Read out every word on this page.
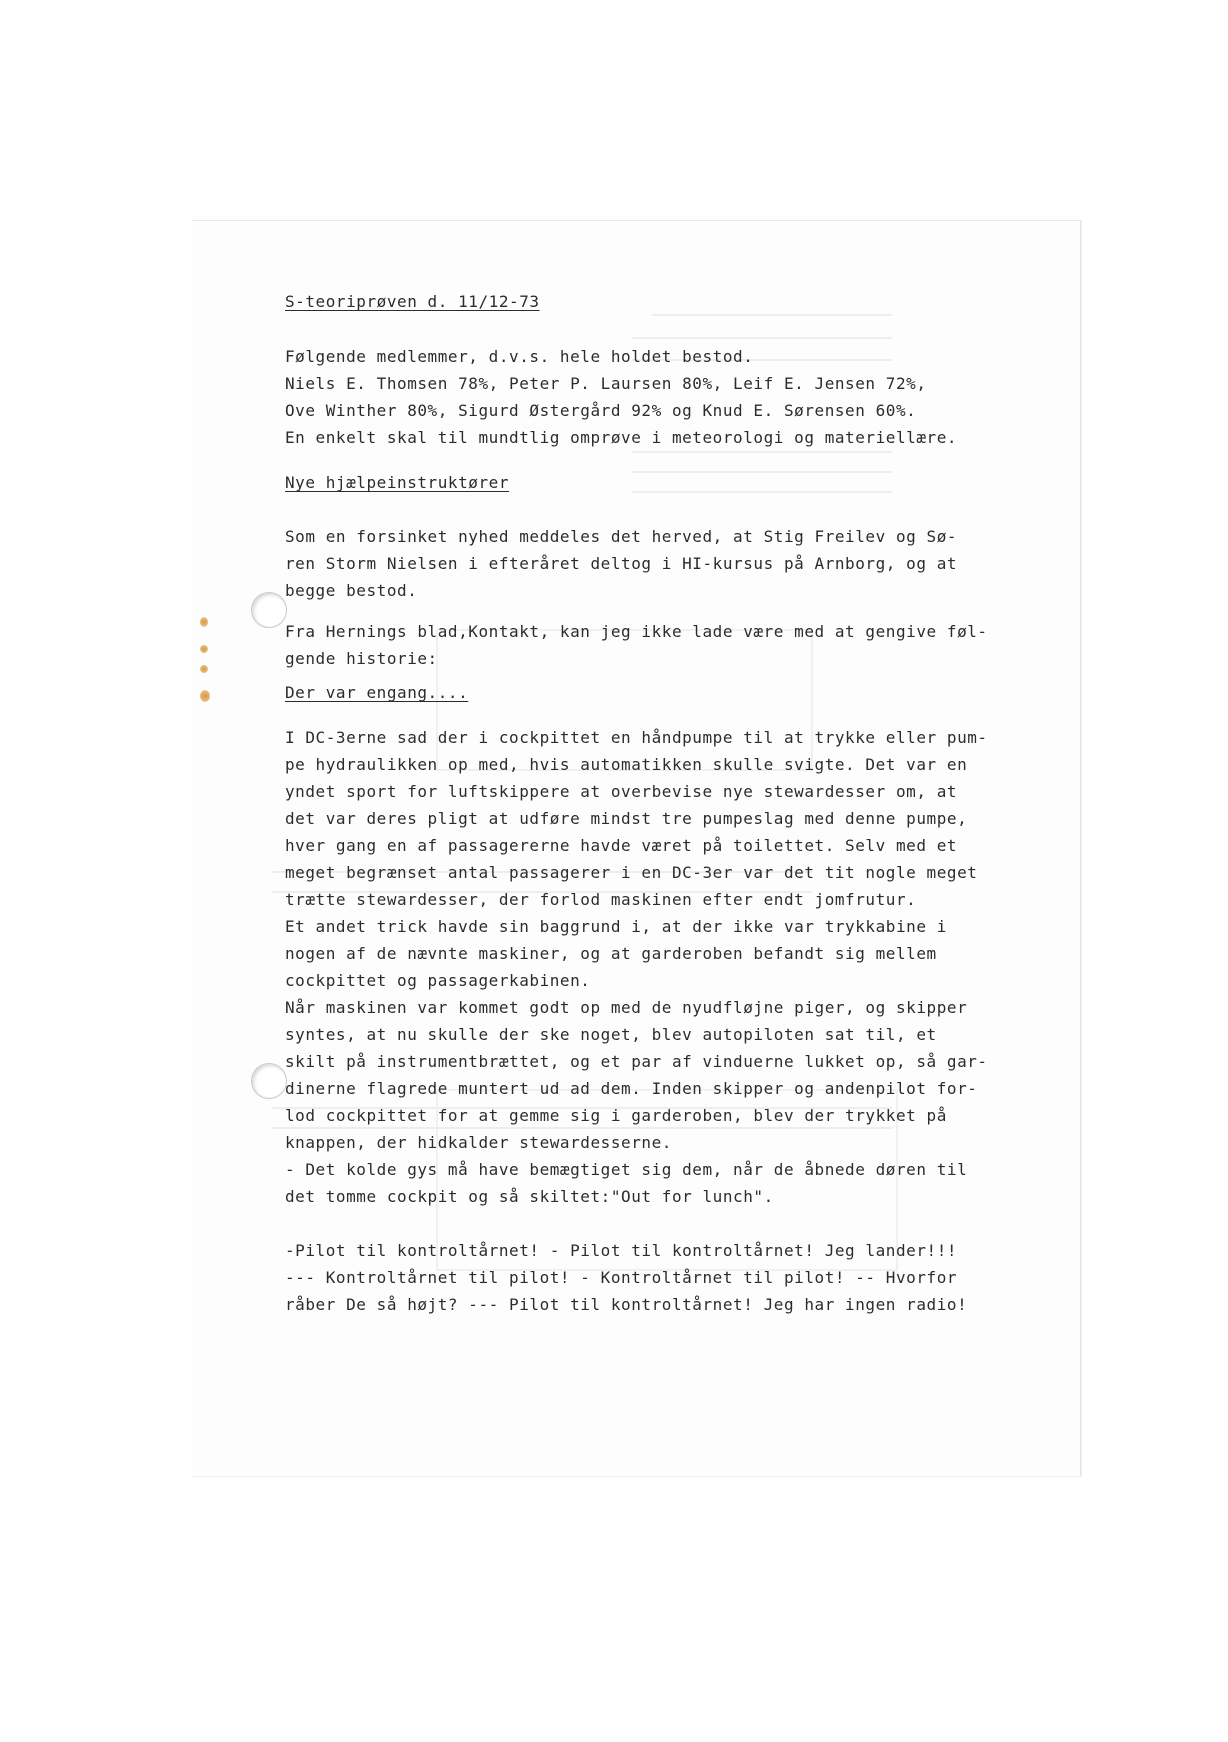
S-teoriprøven d. 11/12-73
Følgende medlemmer, d.v.s. hele holdet bestod.
Niels E. Thomsen 78%, Peter P. Laursen 80%, Leif E. Jensen 72%,
Ove Winther 80%, Sigurd Østergård 92% og Knud E. Sørensen 60%.
En enkelt skal til mundtlig omprøve i meteorologi og materiellære.
Nye hjælpeinstruktører
Som en forsinket nyhed meddeles det herved, at Stig Freilev og Sø-
ren Storm Nielsen i efteråret deltog i HI-kursus på Arnborg, og at
begge bestod.
Fra Hernings blad,Kontakt, kan jeg ikke lade være med at gengive føl-
gende historie:
Der var engang....
I DC-3erne sad der i cockpittet en håndpumpe til at trykke eller pum-
pe hydraulikken op med, hvis automatikken skulle svigte. Det var en
yndet sport for luftskippere at overbevise nye stewardesser om, at
det var deres pligt at udføre mindst tre pumpeslag med denne pumpe,
hver gang en af passagererne havde været på toilettet. Selv med et
meget begrænset antal passagerer i en DC-3er var det tit nogle meget
trætte stewardesser, der forlod maskinen efter endt jomfrutur.
Et andet trick havde sin baggrund i, at der ikke var trykkabine i
nogen af de nævnte maskiner, og at garderoben befandt sig mellem
cockpittet og passagerkabinen.
Når maskinen var kommet godt op med de nyudfløjne piger, og skipper
syntes, at nu skulle der ske noget, blev autopiloten sat til, et
skilt på instrumentbrættet, og et par af vinduerne lukket op, så gar-
dinerne flagrede muntert ud ad dem. Inden skipper og andenpilot for-
lod cockpittet for at gemme sig i garderoben, blev der trykket på
knappen, der hidkalder stewardesserne.
- Det kolde gys må have bemægtiget sig dem, når de åbnede døren til
det tomme cockpit og så skiltet:"Out for lunch".
-Pilot til kontroltårnet! - Pilot til kontroltårnet! Jeg lander!!!
--- Kontroltårnet til pilot! - Kontroltårnet til pilot! -- Hvorfor
råber De så højt? --- Pilot til kontroltårnet! Jeg har ingen radio!
